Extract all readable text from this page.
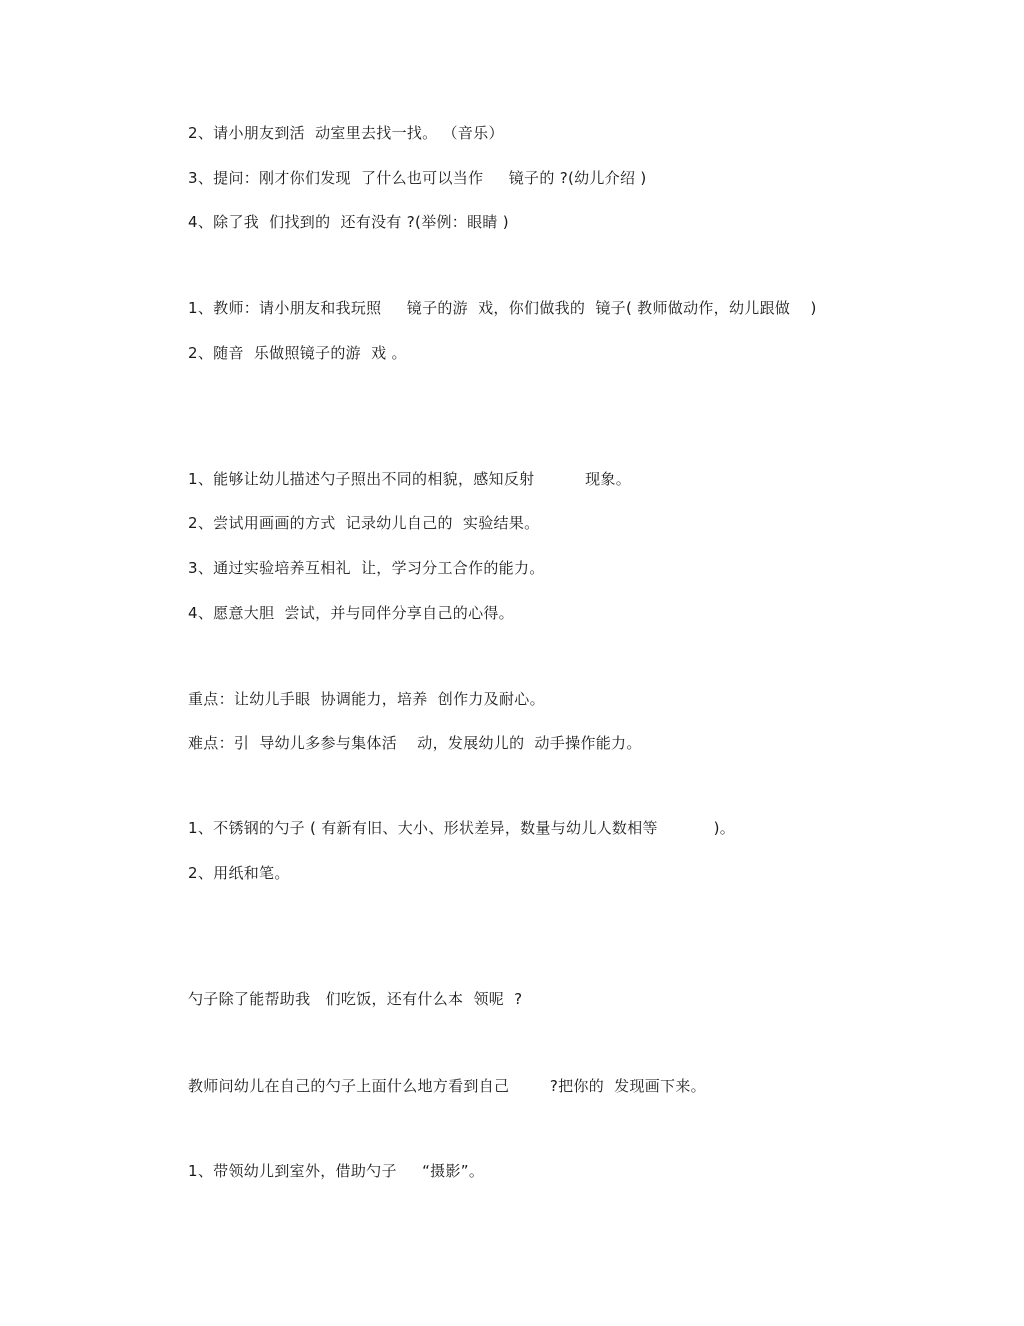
2、请小朋友到活  动室里去找一找。 （音乐）
3、提问：刚才你们发现  了什么也可以当作     镜子的 ?(幼儿介绍 )
4、除了我  们找到的  还有没有 ?(举例：眼睛 )
1、教师：请小朋友和我玩照     镜子的游  戏，你们做我的  镜子( 教师做动作，幼儿跟做    )
2、随音  乐做照镜子的游  戏 。
1、能够让幼儿描述勺子照出不同的相貌，感知反射          现象。
2、尝试用画画的方式  记录幼儿自己的  实验结果。
3、通过实验培养互相礼  让，学习分工合作的能力。
4、愿意大胆  尝试，并与同伴分享自己的心得。
重点：让幼儿手眼  协调能力，培养  创作力及耐心。
难点：引  导幼儿多参与集体活    动，发展幼儿的  动手操作能力。
1、不锈钢的勺子 ( 有新有旧、大小、形状差异，数量与幼儿人数相等           )。
2、用纸和笔。
勺子除了能帮助我   们吃饭，还有什么本  领呢  ?
教师问幼儿在自己的勺子上面什么地方看到自己        ?把你的  发现画下来。
1、带领幼儿到室外，借助勺子     “摄影”。
